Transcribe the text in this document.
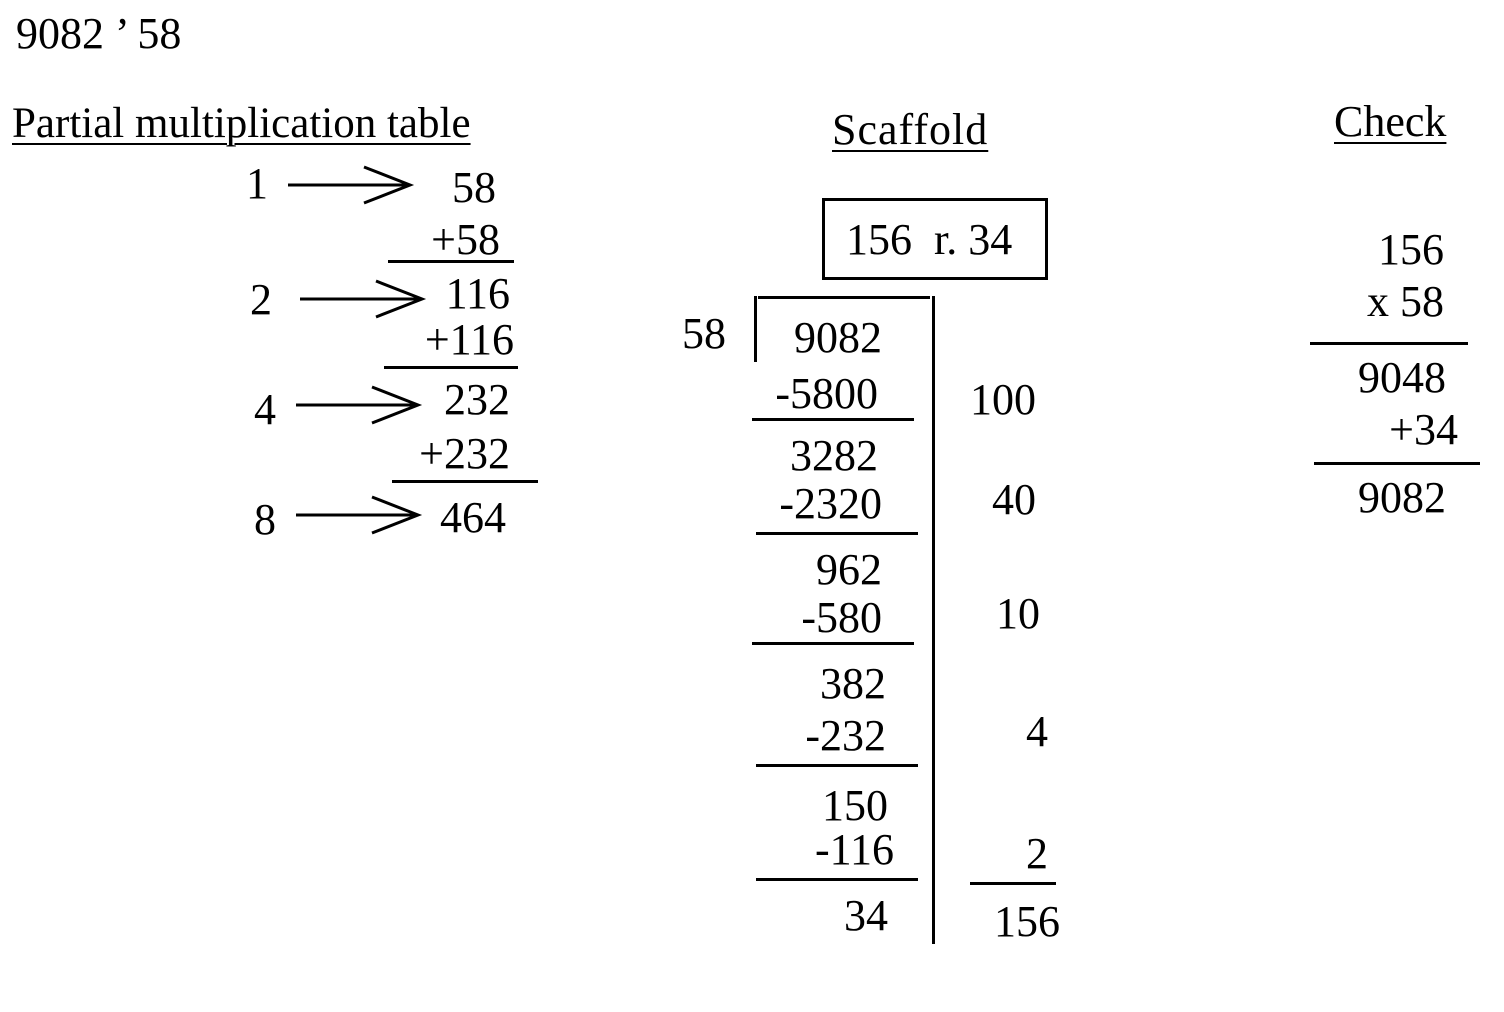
9082 ’ 58
Partial multiplication table
1	58
+58
2	116
+116
4	232
+232
8	464
Scaffold
156  r. 34
58	9082
-5800	100
3282
-2320	40
962
-580	10
382
-232	4
150
-116	2
34	156
Check
156
x 58
9048
+34
9082
